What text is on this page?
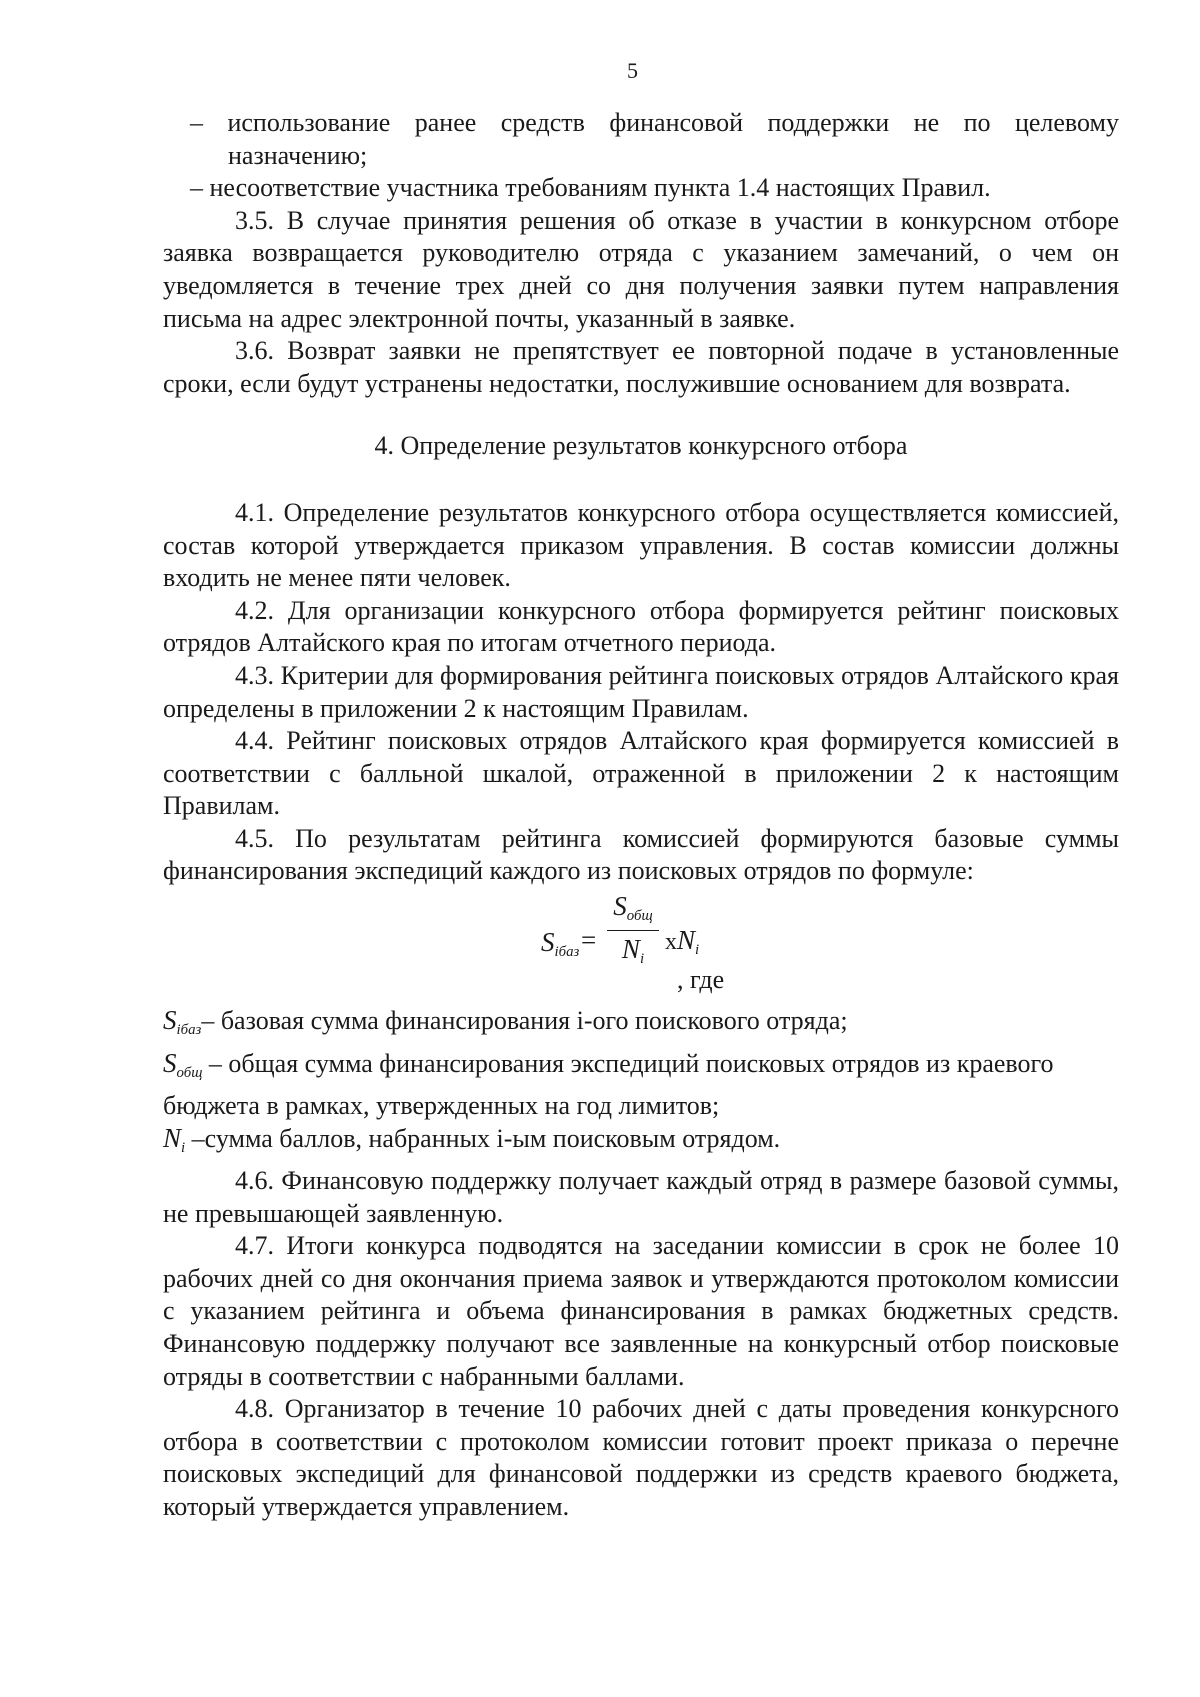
5

– использование ранее средств финансовой поддержки не по целевому назначению;

– несоответствие участника требованиям пункта 1.4 настоящих Правил.

3.5. В случае принятия решения об отказе в участии в конкурсном отборе заявка возвращается руководителю отряда с указанием замечаний, о чем он уведомляется в течение трех дней со дня получения заявки путем направления письма на адрес электронной почты, указанный в заявке.

3.6. Возврат заявки не препятствует ее повторной подаче в установленные сроки, если будут устранены недостатки, послужившие основанием для возврата.

4. Определение результатов конкурсного отбора

4.1. Определение результатов конкурсного отбора осуществляется комиссией, состав которой утверждается приказом управления. В состав комиссии должны входить не менее пяти человек.

4.2. Для организации конкурсного отбора формируется рейтинг поисковых отрядов Алтайского края по итогам отчетного периода.

4.3. Критерии для формирования рейтинга поисковых отрядов Алтайского края определены в приложении 2 к настоящим Правилам.

4.4. Рейтинг поисковых отрядов Алтайского края формируется комиссией в соответствии с балльной шкалой, отраженной в приложении 2 к настоящим Правилам.

4.5. По результатам рейтинга комиссией формируются базовые суммы финансирования экспедиций каждого из поисковых отрядов по формуле:

$S_{iбаз}$ =
$S_{общ}$
$N_i$
$xN_i$
, где

$S_{iбаз}-$ базовая сумма финансирования i-ого поискового отряда;

$S_{общ}$ – общая сумма финансирования экспедиций поисковых отрядов из краевого бюджета в рамках, утвержденных на год лимитов;

$N_i$ –сумма баллов, набранных i-ым поисковым отрядом.

4.6. Финансовую поддержку получает каждый отряд в размере базовой суммы, не превышающей заявленную.

4.7. Итоги конкурса подводятся на заседании комиссии в срок не более 10 рабочих дней со дня окончания приема заявок и утверждаются протоколом комиссии с указанием рейтинга и объема финансирования в рамках бюджетных средств. Финансовую поддержку получают все заявленные на конкурсный отбор поисковые отряды в соответствии с набранными баллами.

4.8. Организатор в течение 10 рабочих дней с даты проведения конкурсного отбора в соответствии с протоколом комиссии готовит проект приказа о перечне поисковых экспедиций для финансовой поддержки из средств краевого бюджета, который утверждается управлением.
